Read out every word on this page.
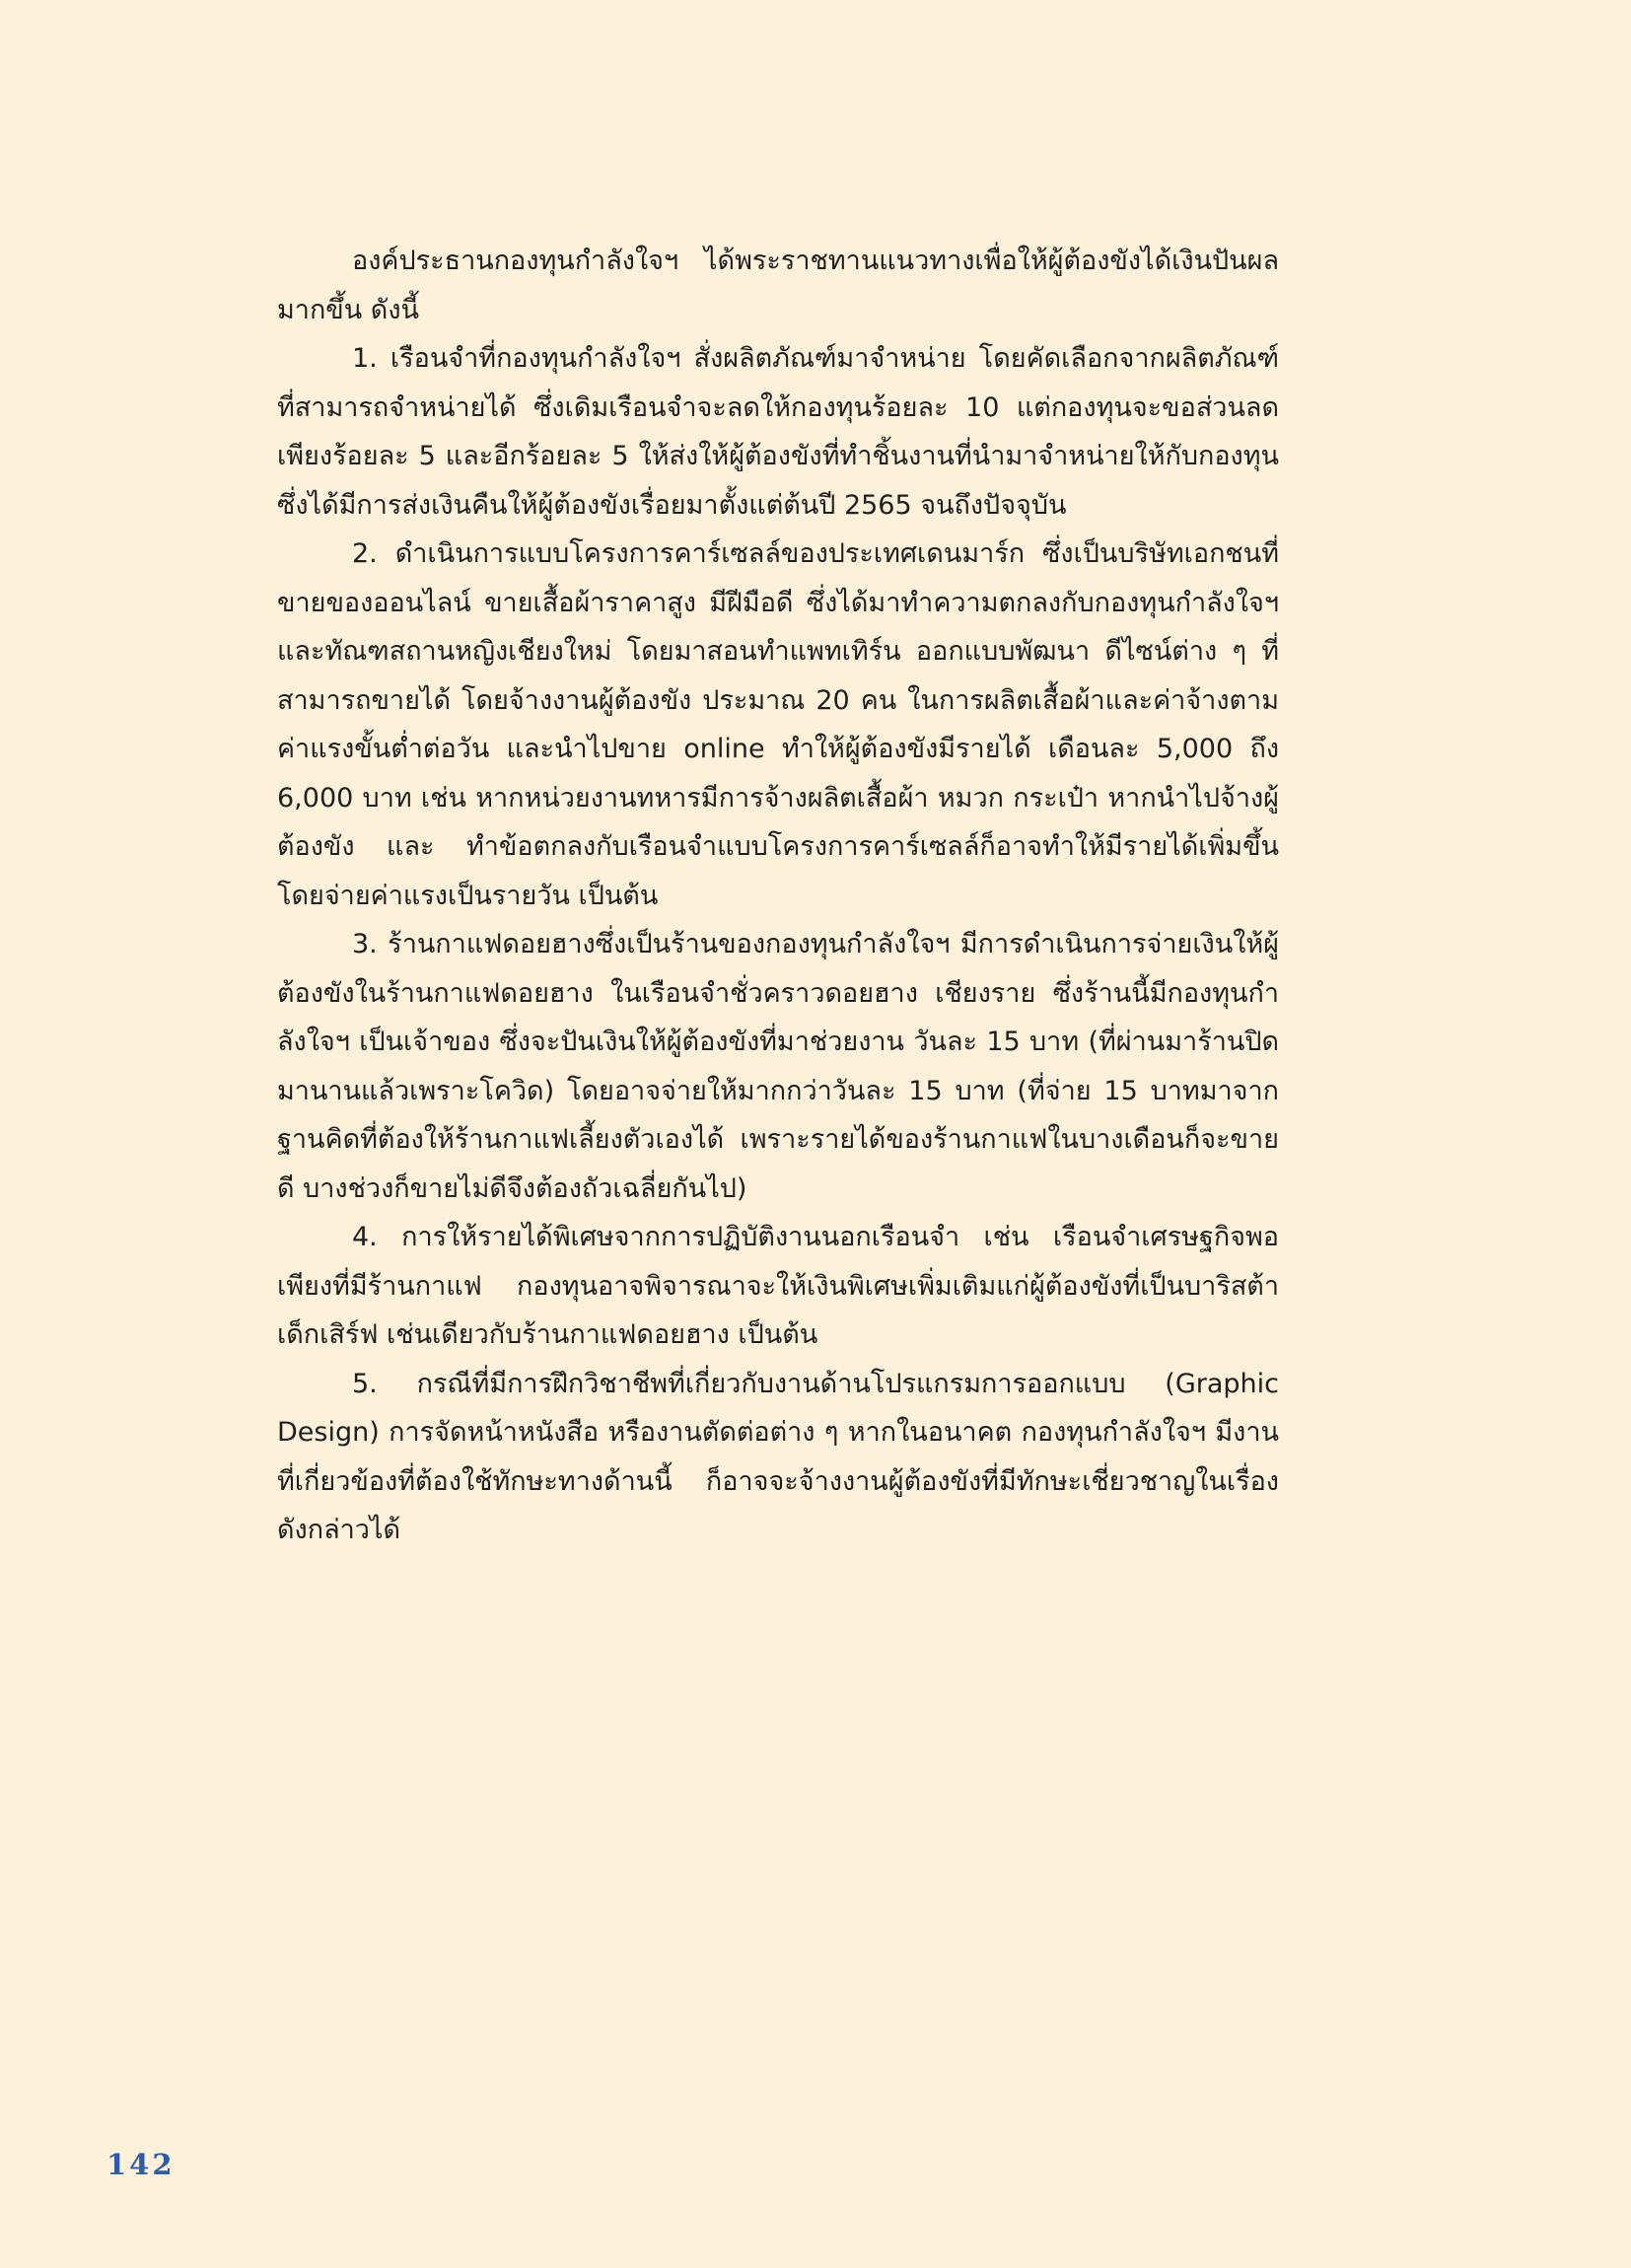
องค์ประธานกองทุนกำลังใจฯ ได้พระราชทานแนวทางเพื่อให้ผู้ต้องขังได้เงินปันผลมากขึ้น ดังนี้

1. เรือนจำที่กองทุนกำลังใจฯ สั่งผลิตภัณฑ์มาจำหน่าย โดยคัดเลือกจากผลิตภัณฑ์ที่สามารถจำหน่ายได้ ซึ่งเดิมเรือนจำจะลดให้กองทุนร้อยละ 10 แต่กองทุนจะขอส่วนลดเพียงร้อยละ 5 และอีกร้อยละ 5 ให้ส่งให้ผู้ต้องขังที่ทำชิ้นงานที่นำมาจำหน่ายให้กับกองทุน ซึ่งได้มีการส่งเงินคืนให้ผู้ต้องขังเรื่อยมาตั้งแต่ต้นปี 2565 จนถึงปัจจุบัน

2. ดำเนินการแบบโครงการคาร์เซลล์ของประเทศเดนมาร์ก ซึ่งเป็นบริษัทเอกชนที่ขายของออนไลน์ ขายเสื้อผ้าราคาสูง มีฝีมือดี ซึ่งได้มาทำความตกลงกับกองทุนกำลังใจฯ และทัณฑสถานหญิงเชียงใหม่ โดยมาสอนทำแพทเทิร์น ออกแบบพัฒนา ดีไซน์ต่าง ๆ ที่สามารถขายได้ โดยจ้างงานผู้ต้องขัง ประมาณ 20 คน ในการผลิตเสื้อผ้าและค่าจ้างตามค่าแรงขั้นต่ำต่อวัน และนำไปขาย online ทำให้ผู้ต้องขังมีรายได้ เดือนละ 5,000 ถึง 6,000 บาท เช่น หากหน่วยงานทหารมีการจ้างผลิตเสื้อผ้า หมวก กระเป๋า หากนำไปจ้างผู้ต้องขัง และ ทำข้อตกลงกับเรือนจำแบบโครงการคาร์เซลล์ก็อาจทำให้มีรายได้เพิ่มขึ้น โดยจ่ายค่าแรงเป็นรายวัน เป็นต้น

3. ร้านกาแฟดอยฮางซึ่งเป็นร้านของกองทุนกำลังใจฯ มีการดำเนินการจ่ายเงินให้ผู้ต้องขังในร้านกาแฟดอยฮาง ในเรือนจำชั่วคราวดอยฮาง เชียงราย ซึ่งร้านนี้มีกองทุนกำลังใจฯ เป็นเจ้าของ ซึ่งจะปันเงินให้ผู้ต้องขังที่มาช่วยงาน วันละ 15 บาท (ที่ผ่านมาร้านปิดมานานแล้วเพราะโควิด) โดยอาจจ่ายให้มากกว่าวันละ 15 บาท (ที่จ่าย 15 บาทมาจากฐานคิดที่ต้องให้ร้านกาแฟเลี้ยงตัวเองได้ เพราะรายได้ของร้านกาแฟในบางเดือนก็จะขายดี บางช่วงก็ขายไม่ดีจึงต้องถัวเฉลี่ยกันไป)

4. การให้รายได้พิเศษจากการปฏิบัติงานนอกเรือนจำ เช่น เรือนจำเศรษฐกิจพอเพียงที่มีร้านกาแฟ กองทุนอาจพิจารณาจะให้เงินพิเศษเพิ่มเติมแก่ผู้ต้องขังที่เป็นบาริสต้า เด็กเสิร์ฟ เช่นเดียวกับร้านกาแฟดอยฮาง เป็นต้น

5. กรณีที่มีการฝึกวิชาชีพที่เกี่ยวกับงานด้านโปรแกรมการออกแบบ (Graphic Design) การจัดหน้าหนังสือ หรืองานตัดต่อต่าง ๆ หากในอนาคต กองทุนกำลังใจฯ มีงานที่เกี่ยวข้องที่ต้องใช้ทักษะทางด้านนี้ ก็อาจจะจ้างงานผู้ต้องขังที่มีทักษะเชี่ยวชาญในเรื่องดังกล่าวได้

142
